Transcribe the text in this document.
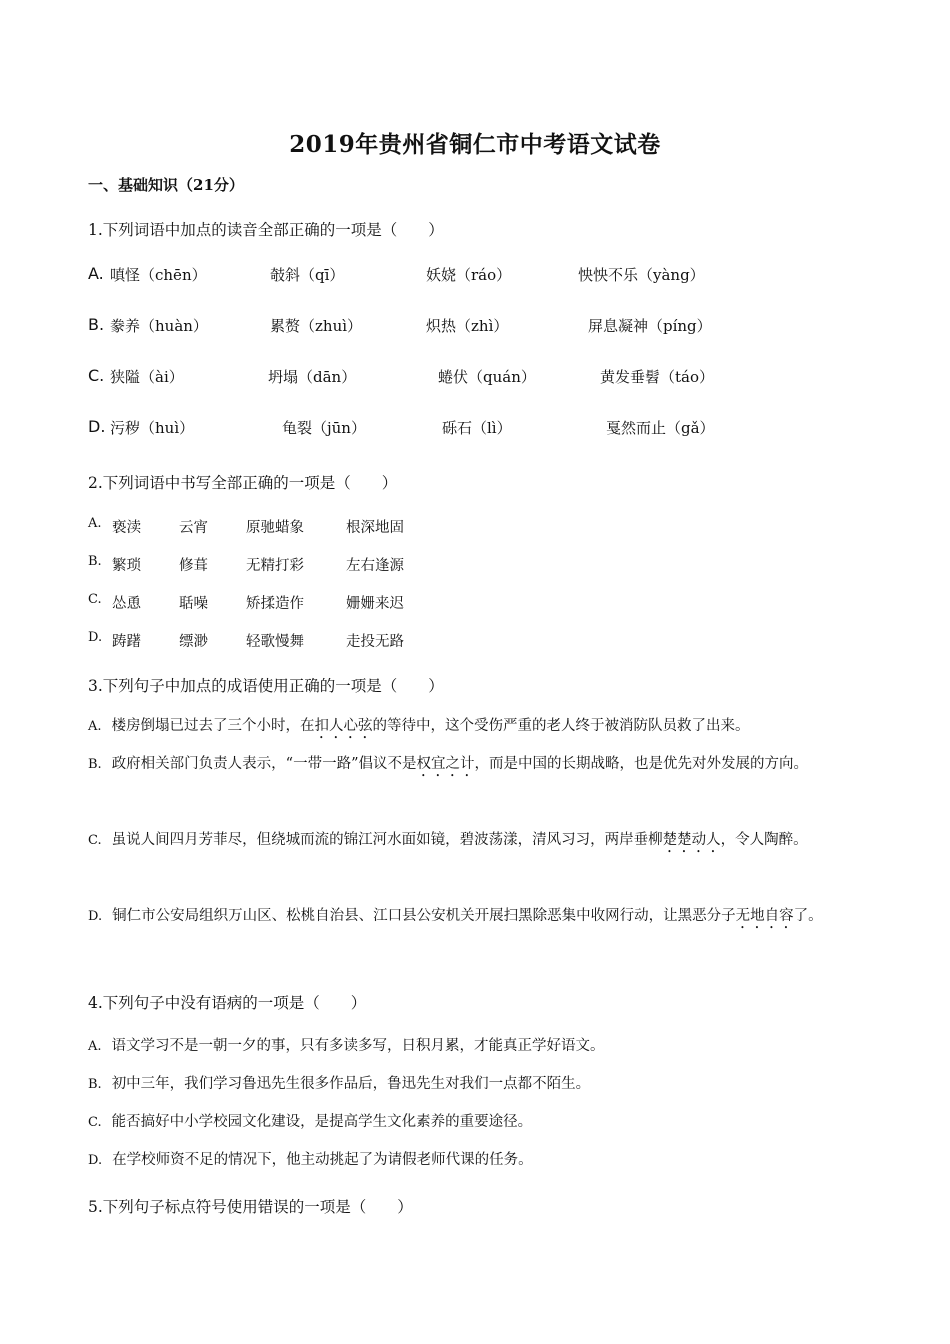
2019年贵州省铜仁市中考语文试卷
一、基础知识（21分）
1.下列词语中加点的读音全部正确的一项是（　　）
A. 嗔怪（chēn）	攲斜（qī）	妖娆（ráo）	怏怏不乐（yàng）
B. 豢养（huàn）	累赘（zhuì）	炽热（zhì）	屏息凝神（píng）
C. 狭隘（ài）	坍塌（dān）	蜷伏（quán）	黄发垂髫（táo）
D. 污秽（huì）	龟裂（jūn）	砾石（lì）	戛然而止（gǎ）
2.下列词语中书写全部正确的一项是（　　）
A. 亵渎	云宵	原驰蜡象	根深地固
B. 繁琐	修葺	无精打彩	左右逢源
C. 怂恿	聒噪	矫揉造作	姗姗来迟
D. 踌躇	缥渺	轻歌慢舞	走投无路
3.下列句子中加点的成语使用正确的一项是（　　）
A. 楼房倒塌已过去了三个小时，在扣人心弦的等待中，这个受伤严重的老人终于被消防队员救了出来。
B. 政府相关部门负责人表示，“一带一路”倡议不是权宜之计，而是中国的长期战略，也是优先对外发展的方向。
C. 虽说人间四月芳菲尽，但绕城而流的锦江河水面如镜，碧波荡漾，清风习习，两岸垂柳楚楚动人，令人陶醉。
D. 铜仁市公安局组织万山区、松桃自治县、江口县公安机关开展扫黑除恶集中收网行动，让黑恶分子无地自容了。
4.下列句子中没有语病的一项是（　　）
A. 语文学习不是一朝一夕的事，只有多读多写，日积月累，才能真正学好语文。
B. 初中三年，我们学习鲁迅先生很多作品后，鲁迅先生对我们一点都不陌生。
C. 能否搞好中小学校园文化建设，是提高学生文化素养的重要途径。
D. 在学校师资不足的情况下，他主动挑起了为请假老师代课的任务。
5.下列句子标点符号使用错误的一项是（　　）
